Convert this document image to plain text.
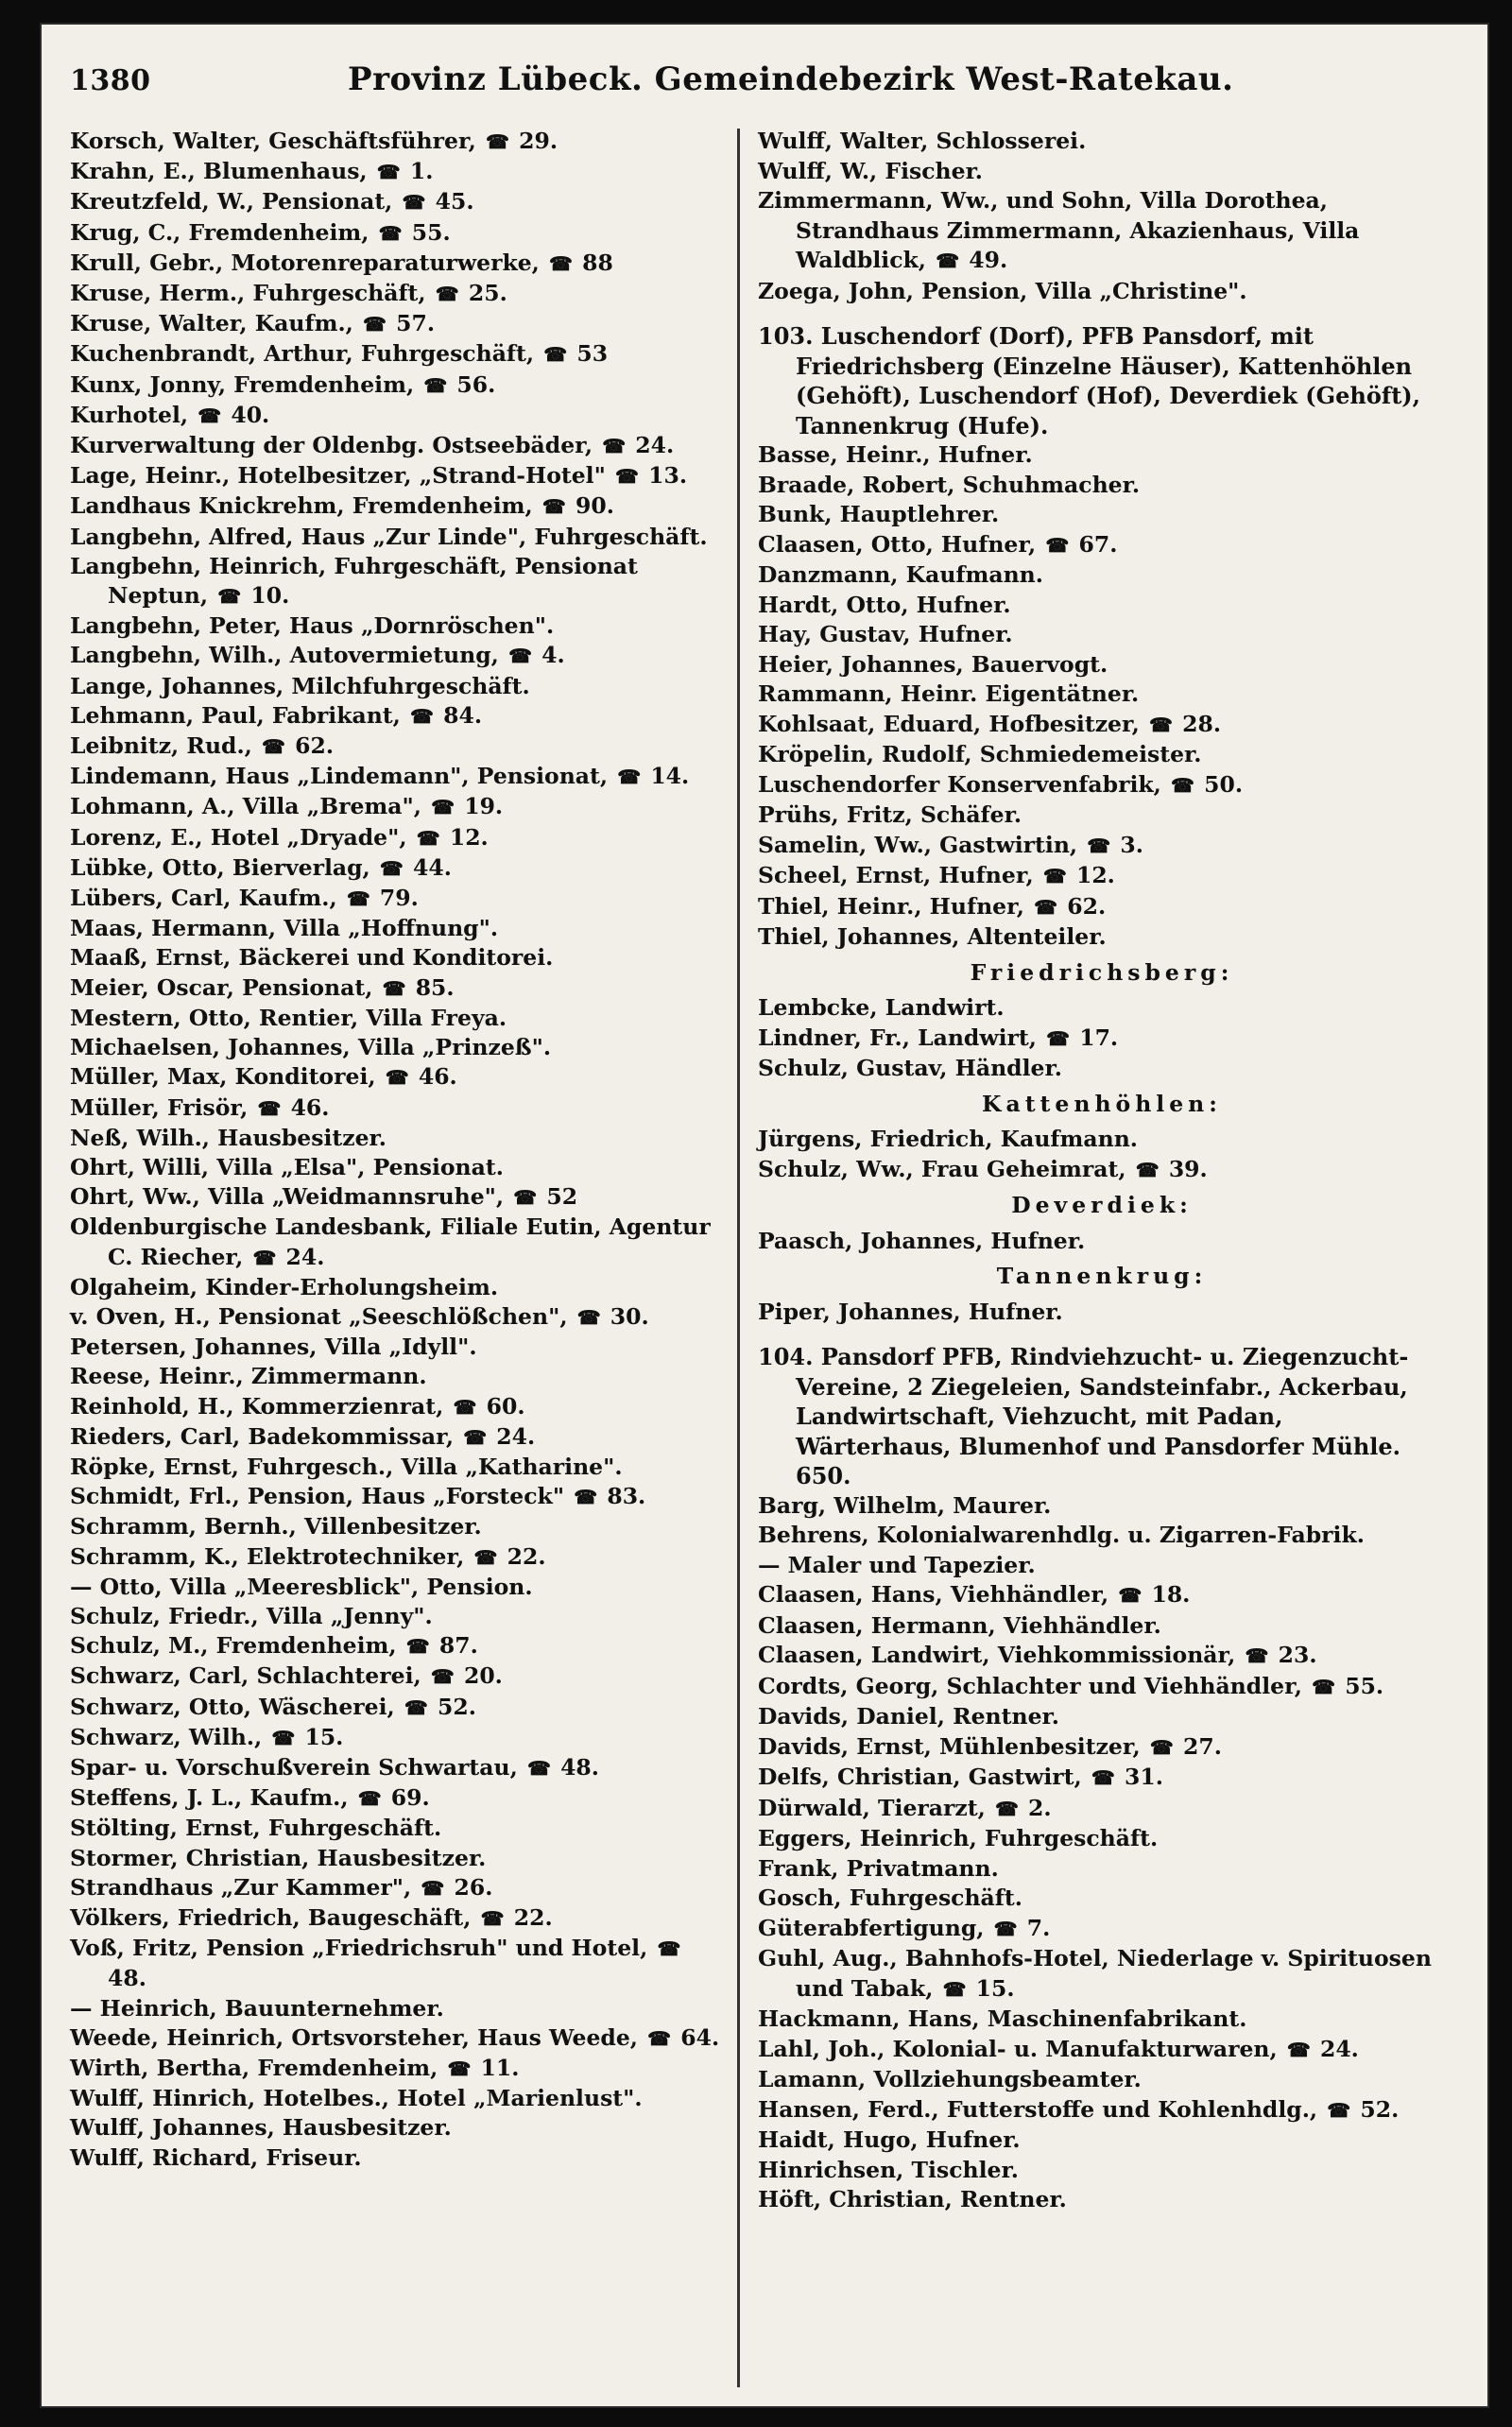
1380	Provinz Lübeck. Gemeindebezirk West-Ratekau.
Korsch, Walter, Geschäftsführer, ☎ 29.
Krahn, E., Blumenhaus, ☎ 1.
Kreutzfeld, W., Pensionat, ☎ 45.
Krug, C., Fremdenheim, ☎ 55.
Krull, Gebr., Motorenreparaturwerke, ☎ 88
Kruse, Herm., Fuhrgeschäft, ☎ 25.
Kruse, Walter, Kaufm., ☎ 57.
Kuchenbrandt, Arthur, Fuhrgeschäft, ☎ 53
Kunx, Jonny, Fremdenheim, ☎ 56.
Kurhotel, ☎ 40.
Kurverwaltung der Oldenbg. Ostseebäder, ☎ 24.
Lage, Heinr., Hotelbesitzer, „Strand-Hotel" ☎ 13.
Landhaus Knickrehm, Fremdenheim, ☎ 90.
Langbehn, Alfred, Haus „Zur Linde", Fuhrgeschäft.
Langbehn, Heinrich, Fuhrgeschäft, Pensionat Neptun, ☎ 10.
Langbehn, Peter, Haus „Dornröschen".
Langbehn, Wilh., Autovermietung, ☎ 4.
Lange, Johannes, Milchfuhrgeschäft.
Lehmann, Paul, Fabrikant, ☎ 84.
Leibnitz, Rud., ☎ 62.
Lindemann, Haus „Lindemann", Pensionat, ☎ 14.
Lohmann, A., Villa „Brema", ☎ 19.
Lorenz, E., Hotel „Dryade", ☎ 12.
Lübke, Otto, Bierverlag, ☎ 44.
Lübers, Carl, Kaufm., ☎ 79.
Maas, Hermann, Villa „Hoffnung".
Maaß, Ernst, Bäckerei und Konditorei.
Meier, Oscar, Pensionat, ☎ 85.
Mestern, Otto, Rentier, Villa Freya.
Michaelsen, Johannes, Villa „Prinzeß".
Müller, Max, Konditorei, ☎ 46.
Müller, Frisör, ☎ 46.
Neß, Wilh., Hausbesitzer.
Ohrt, Willi, Villa „Elsa", Pensionat.
Ohrt, Ww., Villa „Weidmannsruhe", ☎ 52
Oldenburgische Landesbank, Filiale Eutin, Agentur C. Riecher, ☎ 24.
Olgaheim, Kinder-Erholungsheim.
v. Oven, H., Pensionat „Seeschlößchen", ☎ 30.
Petersen, Johannes, Villa „Idyll".
Reese, Heinr., Zimmermann.
Reinhold, H., Kommerzienrat, ☎ 60.
Rieders, Carl, Badekommissar, ☎ 24.
Röpke, Ernst, Fuhrgesch., Villa „Katharine".
Schmidt, Frl., Pension, Haus „Forsteck" ☎ 83.
Schramm, Bernh., Villenbesitzer.
Schramm, K., Elektrotechniker, ☎ 22.
— Otto, Villa „Meeresblick", Pension.
Schulz, Friedr., Villa „Jenny".
Schulz, M., Fremdenheim, ☎ 87.
Schwarz, Carl, Schlachterei, ☎ 20.
Schwarz, Otto, Wäscherei, ☎ 52.
Schwarz, Wilh., ☎ 15.
Spar- u. Vorschußverein Schwartau, ☎ 48.
Steffens, J. L., Kaufm., ☎ 69.
Stölting, Ernst, Fuhrgeschäft.
Stormer, Christian, Hausbesitzer.
Strandhaus „Zur Kammer", ☎ 26.
Völkers, Friedrich, Baugeschäft, ☎ 22.
Voß, Fritz, Pension „Friedrichsruh" und Hotel, ☎ 48.
— Heinrich, Bauunternehmer.
Weede, Heinrich, Ortsvorsteher, Haus Weede, ☎ 64.
Wirth, Bertha, Fremdenheim, ☎ 11.
Wulff, Hinrich, Hotelbes., Hotel „Marienlust".
Wulff, Johannes, Hausbesitzer.
Wulff, Richard, Friseur.
Wulff, Walter, Schlosserei.
Wulff, W., Fischer.
Zimmermann, Ww., und Sohn, Villa Dorothea, Strandhaus Zimmermann, Akazienhaus, Villa Waldblick, ☎ 49.
Zoega, John, Pension, Villa „Christine".
103. Luschendorf (Dorf), PFB Pansdorf, mit Friedrichsberg (Einzelne Häuser), Kattenhöhlen (Gehöft), Luschendorf (Hof), Deverdiek (Gehöft), Tannenkrug (Hufe).
Basse, Heinr., Hufner.
Braade, Robert, Schuhmacher.
Bunk, Hauptlehrer.
Claasen, Otto, Hufner, ☎ 67.
Danzmann, Kaufmann.
Hardt, Otto, Hufner.
Hay, Gustav, Hufner.
Heier, Johannes, Bauervogt.
Rammann, Heinr. Eigentätner.
Kohlsaat, Eduard, Hofbesitzer, ☎ 28.
Kröpelin, Rudolf, Schmiedemeister.
Luschendorfer Konservenfabrik, ☎ 50.
Prühs, Fritz, Schäfer.
Samelin, Ww., Gastwirtin, ☎ 3.
Scheel, Ernst, Hufner, ☎ 12.
Thiel, Heinr., Hufner, ☎ 62.
Thiel, Johannes, Altenteiler.
Friedrichsberg:
Lembcke, Landwirt.
Lindner, Fr., Landwirt, ☎ 17.
Schulz, Gustav, Händler.
Kattenhöhlen:
Jürgens, Friedrich, Kaufmann.
Schulz, Ww., Frau Geheimrat, ☎ 39.
Deverdiek:
Paasch, Johannes, Hufner.
Tannenkrug:
Piper, Johannes, Hufner.
104. Pansdorf PFB, Rindviehzucht- u. Ziegenzucht-Vereine, 2 Ziegeleien, Sandsteinfabr., Ackerbau, Landwirtschaft, Viehzucht, mit Padan, Wärterhaus, Blumenhof und Pansdorfer Mühle. 650.
Barg, Wilhelm, Maurer.
Behrens, Kolonialwarenhdlg. u. Zigarren-Fabrik.
— Maler und Tapezier.
Claasen, Hans, Viehhändler, ☎ 18.
Claasen, Hermann, Viehhändler.
Claasen, Landwirt, Viehkommissionär, ☎ 23.
Cordts, Georg, Schlachter und Viehhändler, ☎ 55.
Davids, Daniel, Rentner.
Davids, Ernst, Mühlenbesitzer, ☎ 27.
Delfs, Christian, Gastwirt, ☎ 31.
Dürwald, Tierarzt, ☎ 2.
Eggers, Heinrich, Fuhrgeschäft.
Frank, Privatmann.
Gosch, Fuhrgeschäft.
Güterabfertigung, ☎ 7.
Guhl, Aug., Bahnhofs-Hotel, Niederlage v. Spirituosen und Tabak, ☎ 15.
Hackmann, Hans, Maschinenfabrikant.
Lahl, Joh., Kolonial- u. Manufakturwaren, ☎ 24.
Lamann, Vollziehungsbeamter.
Hansen, Ferd., Futterstoffe und Kohlenhdlg., ☎ 52.
Haidt, Hugo, Hufner.
Hinrichsen, Tischler.
Höft, Christian, Rentner.
